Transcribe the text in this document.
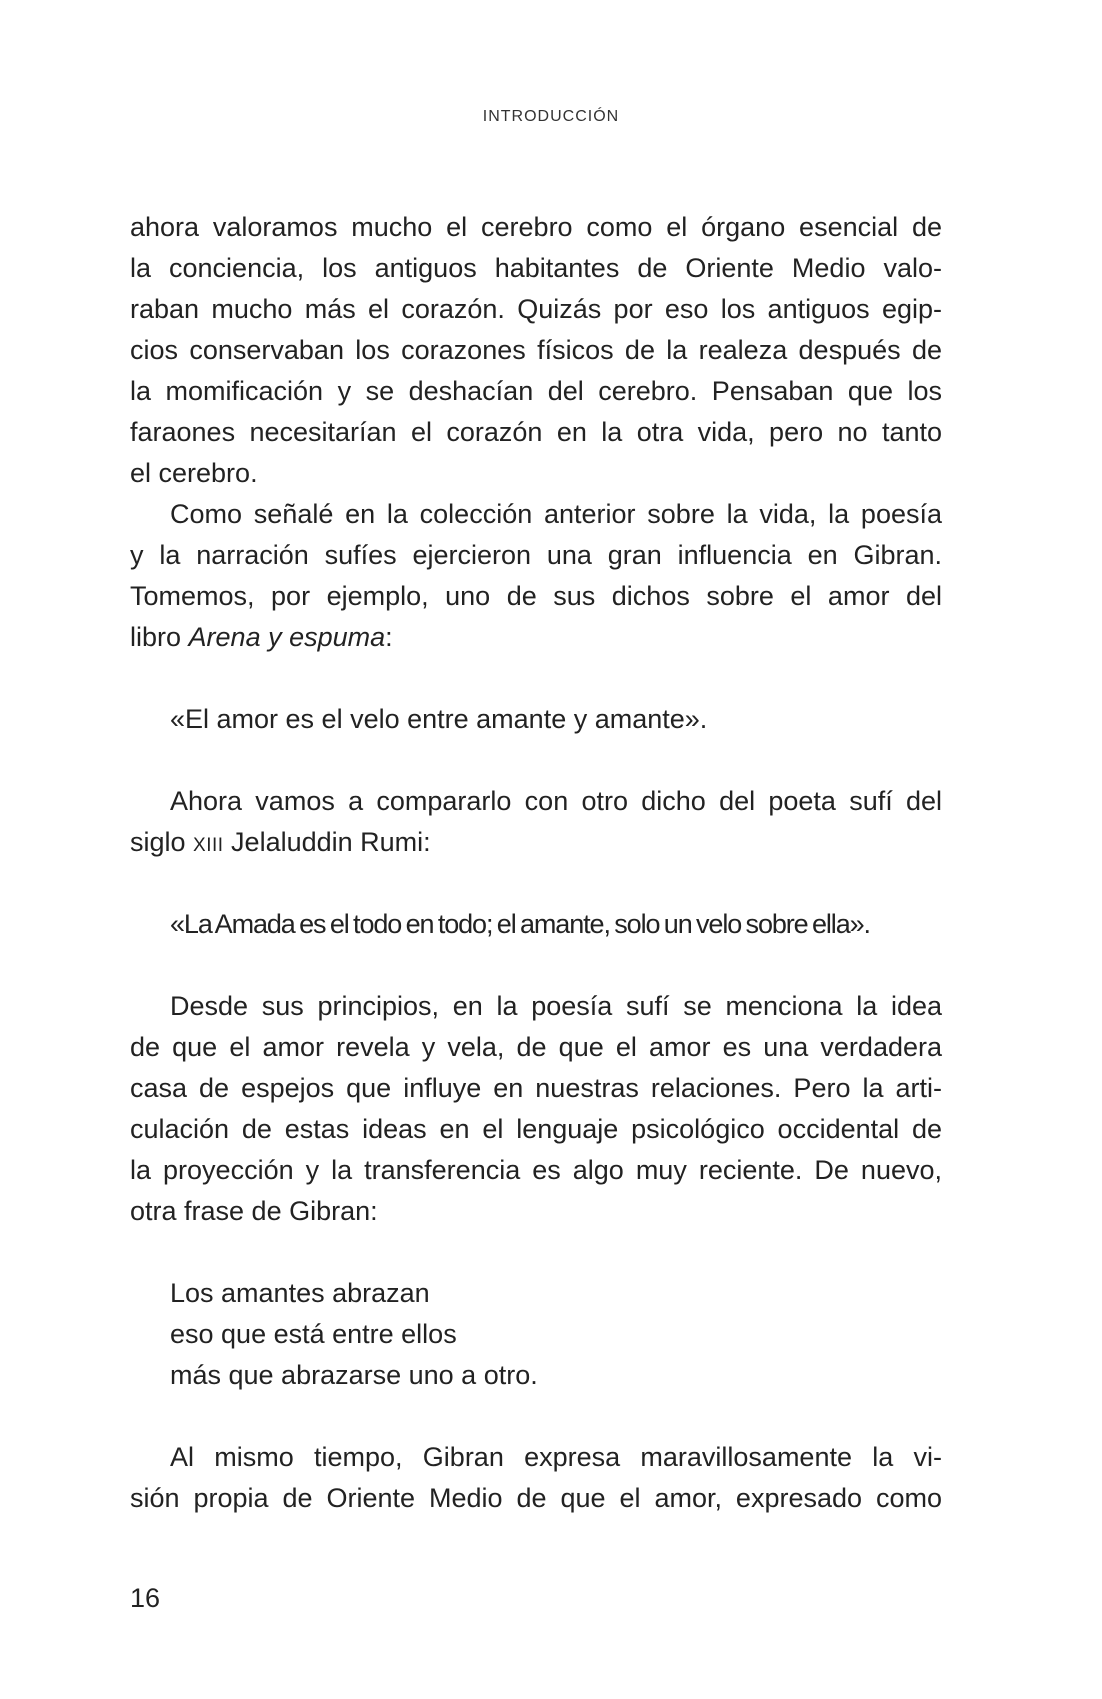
INTRODUCCIÓN
ahora valoramos mucho el cerebro como el órgano esencial de
la conciencia, los antiguos habitantes de Oriente Medio valo-
raban mucho más el corazón. Quizás por eso los antiguos egip-
cios conservaban los corazones físicos de la realeza después de
la momificación y se deshacían del cerebro. Pensaban que los
faraones necesitarían el corazón en la otra vida, pero no tanto
el cerebro.
Como señalé en la colección anterior sobre la vida, la poesía
y la narración sufíes ejercieron una gran influencia en Gibran.
Tomemos, por ejemplo, uno de sus dichos sobre el amor del
libro Arena y espuma:
«El amor es el velo entre amante y amante».
Ahora vamos a compararlo con otro dicho del poeta sufí del
siglo XIII Jelaluddin Rumi:
«La Amada es el todo en todo; el amante, solo un velo sobre ella».
Desde sus principios, en la poesía sufí se menciona la idea
de que el amor revela y vela, de que el amor es una verdadera
casa de espejos que influye en nuestras relaciones. Pero la arti-
culación de estas ideas en el lenguaje psicológico occidental de
la proyección y la transferencia es algo muy reciente. De nuevo,
otra frase de Gibran:
Los amantes abrazan
eso que está entre ellos
más que abrazarse uno a otro.
Al mismo tiempo, Gibran expresa maravillosamente la vi-
sión propia de Oriente Medio de que el amor, expresado como
16
